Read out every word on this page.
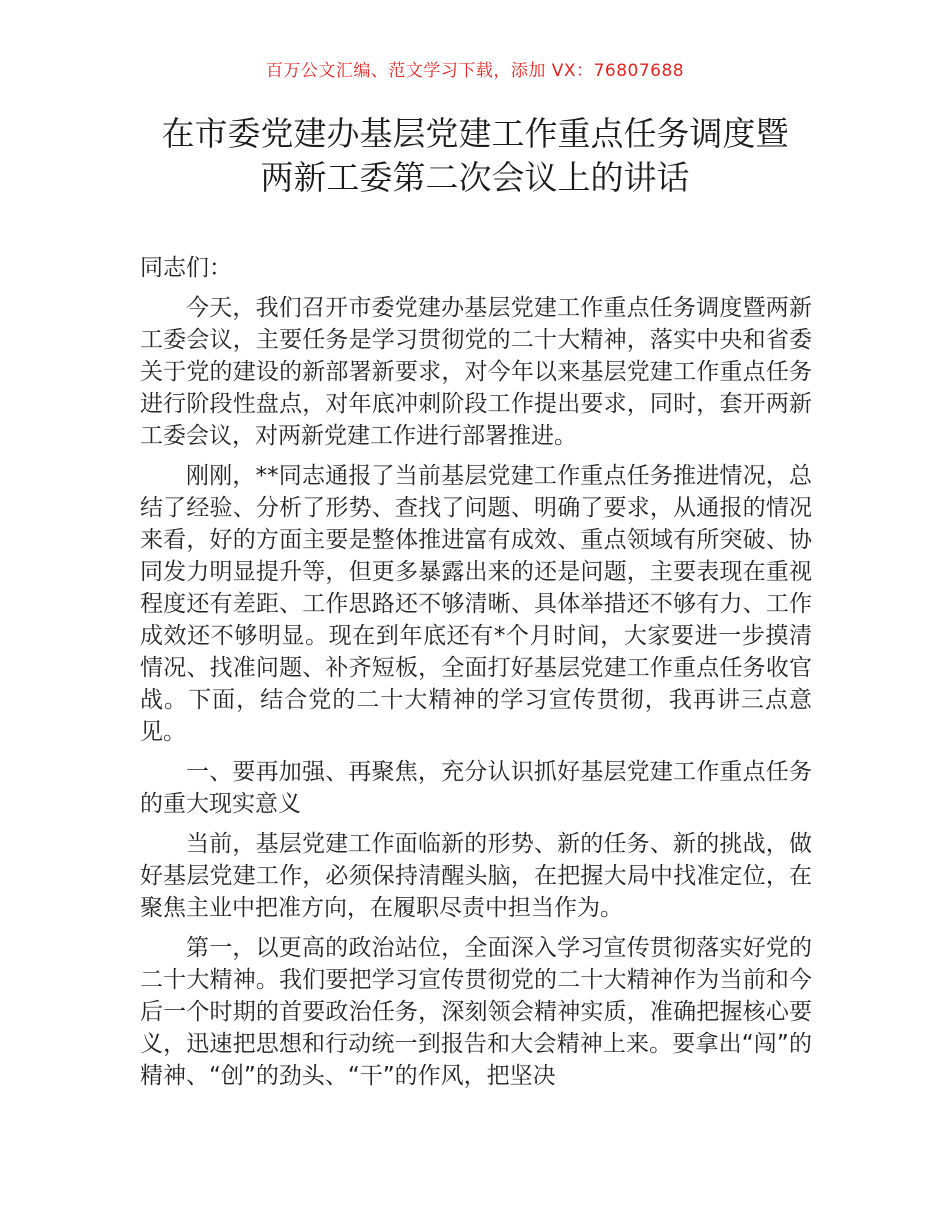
百万公文汇编、范文学习下载，添加 VX：76807688
在市委党建办基层党建工作重点任务调度暨
两新工委第二次会议上的讲话

同志们：

今天，我们召开市委党建办基层党建工作重点任务调度暨两新工委会议，主要任务是学习贯彻党的二十大精神，落实中央和省委关于党的建设的新部署新要求，对今年以来基层党建工作重点任务进行阶段性盘点，对年底冲刺阶段工作提出要求，同时，套开两新工委会议，对两新党建工作进行部署推进。

刚刚，**同志通报了当前基层党建工作重点任务推进情况，总结了经验、分析了形势、查找了问题、明确了要求，从通报的情况来看，好的方面主要是整体推进富有成效、重点领域有所突破、协同发力明显提升等，但更多暴露出来的还是问题，主要表现在重视程度还有差距、工作思路还不够清晰、具体举措还不够有力、工作成效还不够明显。现在到年底还有*个月时间，大家要进一步摸清情况、找准问题、补齐短板，全面打好基层党建工作重点任务收官战。下面，结合党的二十大精神的学习宣传贯彻，我再讲三点意见。

一、要再加强、再聚焦，充分认识抓好基层党建工作重点任务的重大现实意义

当前，基层党建工作面临新的形势、新的任务、新的挑战，做好基层党建工作，必须保持清醒头脑，在把握大局中找准定位，在聚焦主业中把准方向，在履职尽责中担当作为。

第一，以更高的政治站位，全面深入学习宣传贯彻落实好党的二十大精神。我们要把学习宣传贯彻党的二十大精神作为当前和今后一个时期的首要政治任务，深刻领会精神实质，准确把握核心要义，迅速把思想和行动统一到报告和大会精神上来。要拿出“闯”的精神、“创”的劲头、“干”的作风，把坚决
